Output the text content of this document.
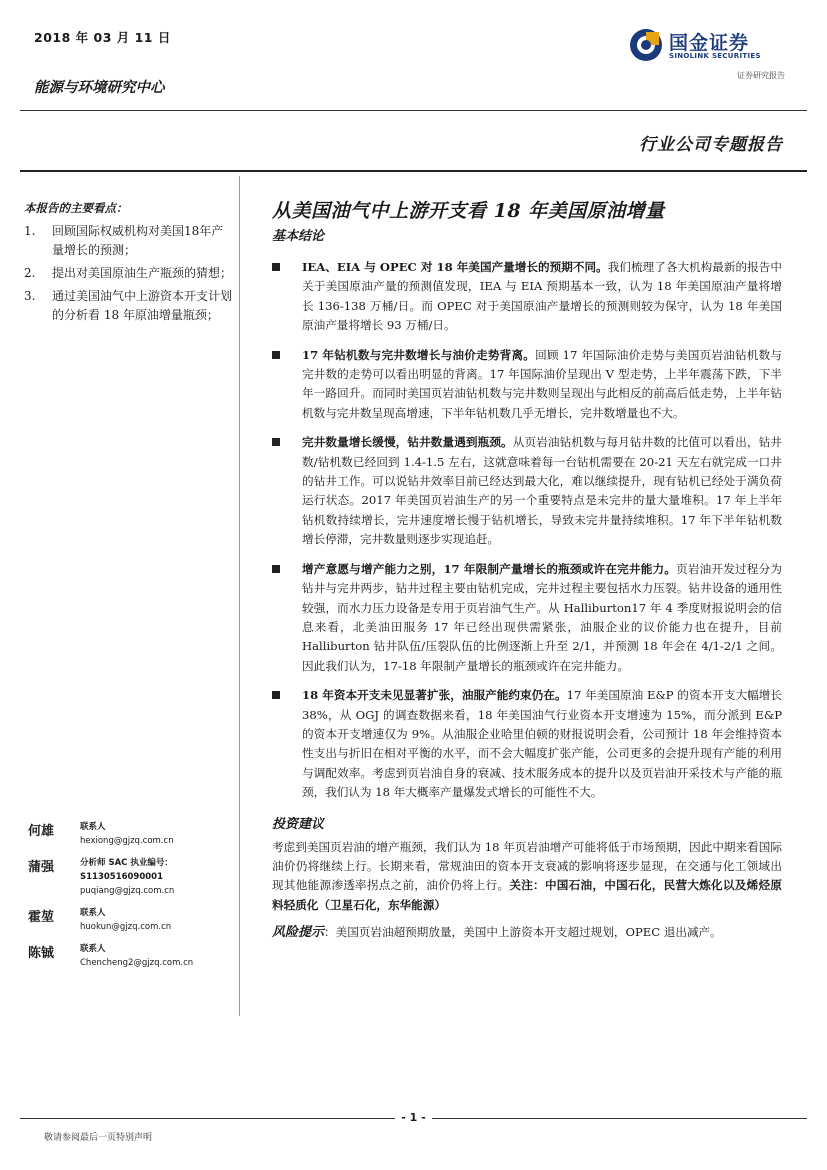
2018 年 03 月 11 日
能源与环境研究中心
国金证券
SINOLINK SECURITIES
证券研究报告
行业公司专题报告
本报告的主要看点：
1.	回顾国际权威机构对美国18年产量增长的预测；
2.	提出对美国原油生产瓶颈的猜想；
3.	通过美国油气中上游资本开支计划的分析看 18 年原油增量瓶颈；
何雄	联系人
hexiong@gjzq.com.cn
蒲强	分析师 SAC 执业编号：S1130516090001
puqiang@gjzq.com.cn
霍堃	联系人
huokun@gjzq.com.cn
陈铖	联系人
Chencheng2@gjzq.com.cn
从美国油气中上游开支看 18 年美国原油增量
基本结论
IEA、EIA 与 OPEC 对 18 年美国产量增长的预期不同。我们梳理了各大机构最新的报告中关于美国原油产量的预测值发现，IEA 与 EIA 预期基本一致，认为 18 年美国原油产量将增长 136-138 万桶/日。而 OPEC 对于美国原油产量增长的预测则较为保守，认为 18 年美国原油产量将增长 93 万桶/日。
17 年钻机数与完井数增长与油价走势背离。回顾 17 年国际油价走势与美国页岩油钻机数与完井数的走势可以看出明显的背离。17 年国际油价呈现出 V 型走势，上半年震荡下跌，下半年一路回升。而同时美国页岩油钻机数与完井数则呈现出与此相反的前高后低走势，上半年钻机数与完井数呈现高增速，下半年钻机数几乎无增长，完井数增量也不大。
完井数量增长缓慢，钻井数量遇到瓶颈。从页岩油钻机数与每月钻井数的比值可以看出，钻井数/钻机数已经回到 1.4-1.5 左右，这就意味着每一台钻机需要在 20-21 天左右就完成一口井的钻井工作。可以说钻井效率目前已经达到最大化，难以继续提升，现有钻机已经处于满负荷运行状态。2017 年美国页岩油生产的另一个重要特点是未完井的量大量堆积。17 年上半年钻机数持续增长，完井速度增长慢于钻机增长，导致未完井量持续堆积。17 年下半年钻机数增长停滞，完井数量则逐步实现追赶。
增产意愿与增产能力之别，17 年限制产量增长的瓶颈或许在完井能力。页岩油开发过程分为钻井与完井两步，钻井过程主要由钻机完成，完井过程主要包括水力压裂。钻井设备的通用性较强，而水力压力设备是专用于页岩油气生产。从 Halliburton17 年 4 季度财报说明会的信息来看，北美油田服务 17 年已经出现供需紧张，油服企业的议价能力也在提升，目前 Halliburton 钻井队伍/压裂队伍的比例逐渐上升至 2/1，并预测 18 年会在 4/1-2/1 之间。因此我们认为，17-18 年限制产量增长的瓶颈或许在完井能力。
18 年资本开支未见显著扩张，油服产能约束仍在。17 年美国原油 E&P 的资本开支大幅增长 38%，从 OGJ 的调查数据来看，18 年美国油气行业资本开支增速为 15%，而分派到 E&P 的资本开支增速仅为 9%。从油服企业哈里伯顿的财报说明会看，公司预计 18 年会维持资本性支出与折旧在相对平衡的水平，而不会大幅度扩张产能，公司更多的会提升现有产能的利用与调配效率。考虑到页岩油自身的衰减、技术服务成本的提升以及页岩油开采技术与产能的瓶颈，我们认为 18 年大概率产量爆发式增长的可能性不大。
投资建议
考虑到美国页岩油的增产瓶颈，我们认为 18 年页岩油增产可能将低于市场预期，因此中期来看国际油价仍将继续上行。长期来看，常规油田的资本开支衰减的影响将逐步显现，在交通与化工领域出现其他能源渗透率拐点之前，油价仍将上行。关注：中国石油，中国石化，民营大炼化以及烯烃原料轻质化（卫星石化，东华能源）
风险提示：美国页岩油超预期放量，美国中上游资本开支超过规划，OPEC 退出减产。
- 1 -
敬请参阅最后一页特别声明
